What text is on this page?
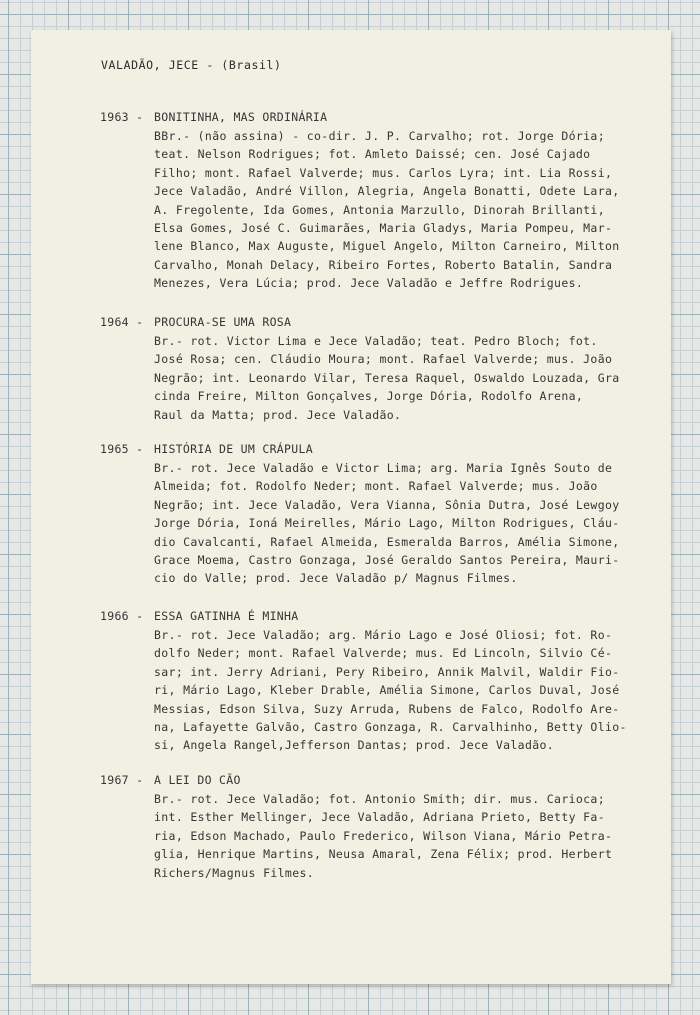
VALADÃO, JECE - (Brasil)
1963 - BONITINHA, MAS ORDINÁRIA

BBr.- (não assina) - co-dir. J. P. Carvalho; rot. Jorge Dória;
teat. Nelson Rodrigues; fot. Amleto Daissé; cen. José Cajado
Filho; mont. Rafael Valverde; mus. Carlos Lyra; int. Lia Rossi,
Jece Valadão, André Villon, Alegria, Angela Bonatti, Odete Lara,
A. Fregolente, Ida Gomes, Antonia Marzullo, Dinorah Brillanti,
Elsa Gomes, José C. Guimarães, Maria Gladys, Maria Pompeu, Mar-
lene Blanco, Max Auguste, Miguel Angelo, Milton Carneiro, Milton
Carvalho, Monah Delacy, Ribeiro Fortes, Roberto Batalin, Sandra
Menezes, Vera Lúcia; prod. Jece Valadão e Jeffre Rodrigues.

1964 - PROCURA-SE UMA ROSA

Br.- rot. Victor Lima e Jece Valadão; teat. Pedro Bloch; fot.
José Rosa; cen. Cláudio Moura; mont. Rafael Valverde; mus. João
Negrão; int. Leonardo Vilar, Teresa Raquel, Oswaldo Louzada, Gra
cinda Freire, Milton Gonçalves, Jorge Dória, Rodolfo Arena,
Raul da Matta; prod. Jece Valadão.

1965 - HISTÓRIA DE UM CRÁPULA

Br.- rot. Jece Valadão e Victor Lima; arg. Maria Ignês Souto de
Almeida; fot. Rodolfo Neder; mont. Rafael Valverde; mus. João
Negrão; int. Jece Valadão, Vera Vianna, Sônia Dutra, José Lewgoy
Jorge Dória, Ioná Meirelles, Mário Lago, Milton Rodrigues, Cláu-
dio Cavalcanti, Rafael Almeida, Esmeralda Barros, Amélia Simone,
Grace Moema, Castro Gonzaga, José Geraldo Santos Pereira, Mauri-
cio do Valle; prod. Jece Valadão p/ Magnus Filmes.

1966 - ESSA GATINHA É MINHA

Br.- rot. Jece Valadão; arg. Mário Lago e José Oliosi; fot. Ro-
dolfo Neder; mont. Rafael Valverde; mus. Ed Lincoln, Silvio Cé-
sar; int. Jerry Adriani, Pery Ribeiro, Annik Malvil, Waldir Fio-
ri, Mário Lago, Kleber Drable, Amélia Simone, Carlos Duval, José
Messias, Edson Silva, Suzy Arruda, Rubens de Falco, Rodolfo Are-
na, Lafayette Galvão, Castro Gonzaga, R. Carvalhinho, Betty Olio-
si, Angela Rangel,Jefferson Dantas; prod. Jece Valadão.

1967 - A LEI DO CÃO

Br.- rot. Jece Valadão; fot. Antonio Smith; dir. mus. Carioca;
int. Esther Mellinger, Jece Valadão, Adriana Prieto, Betty Fa-
ria, Edson Machado, Paulo Frederico, Wilson Viana, Mário Petra-
glia, Henrique Martins, Neusa Amaral, Zena Félix; prod. Herbert
Richers/Magnus Filmes.
